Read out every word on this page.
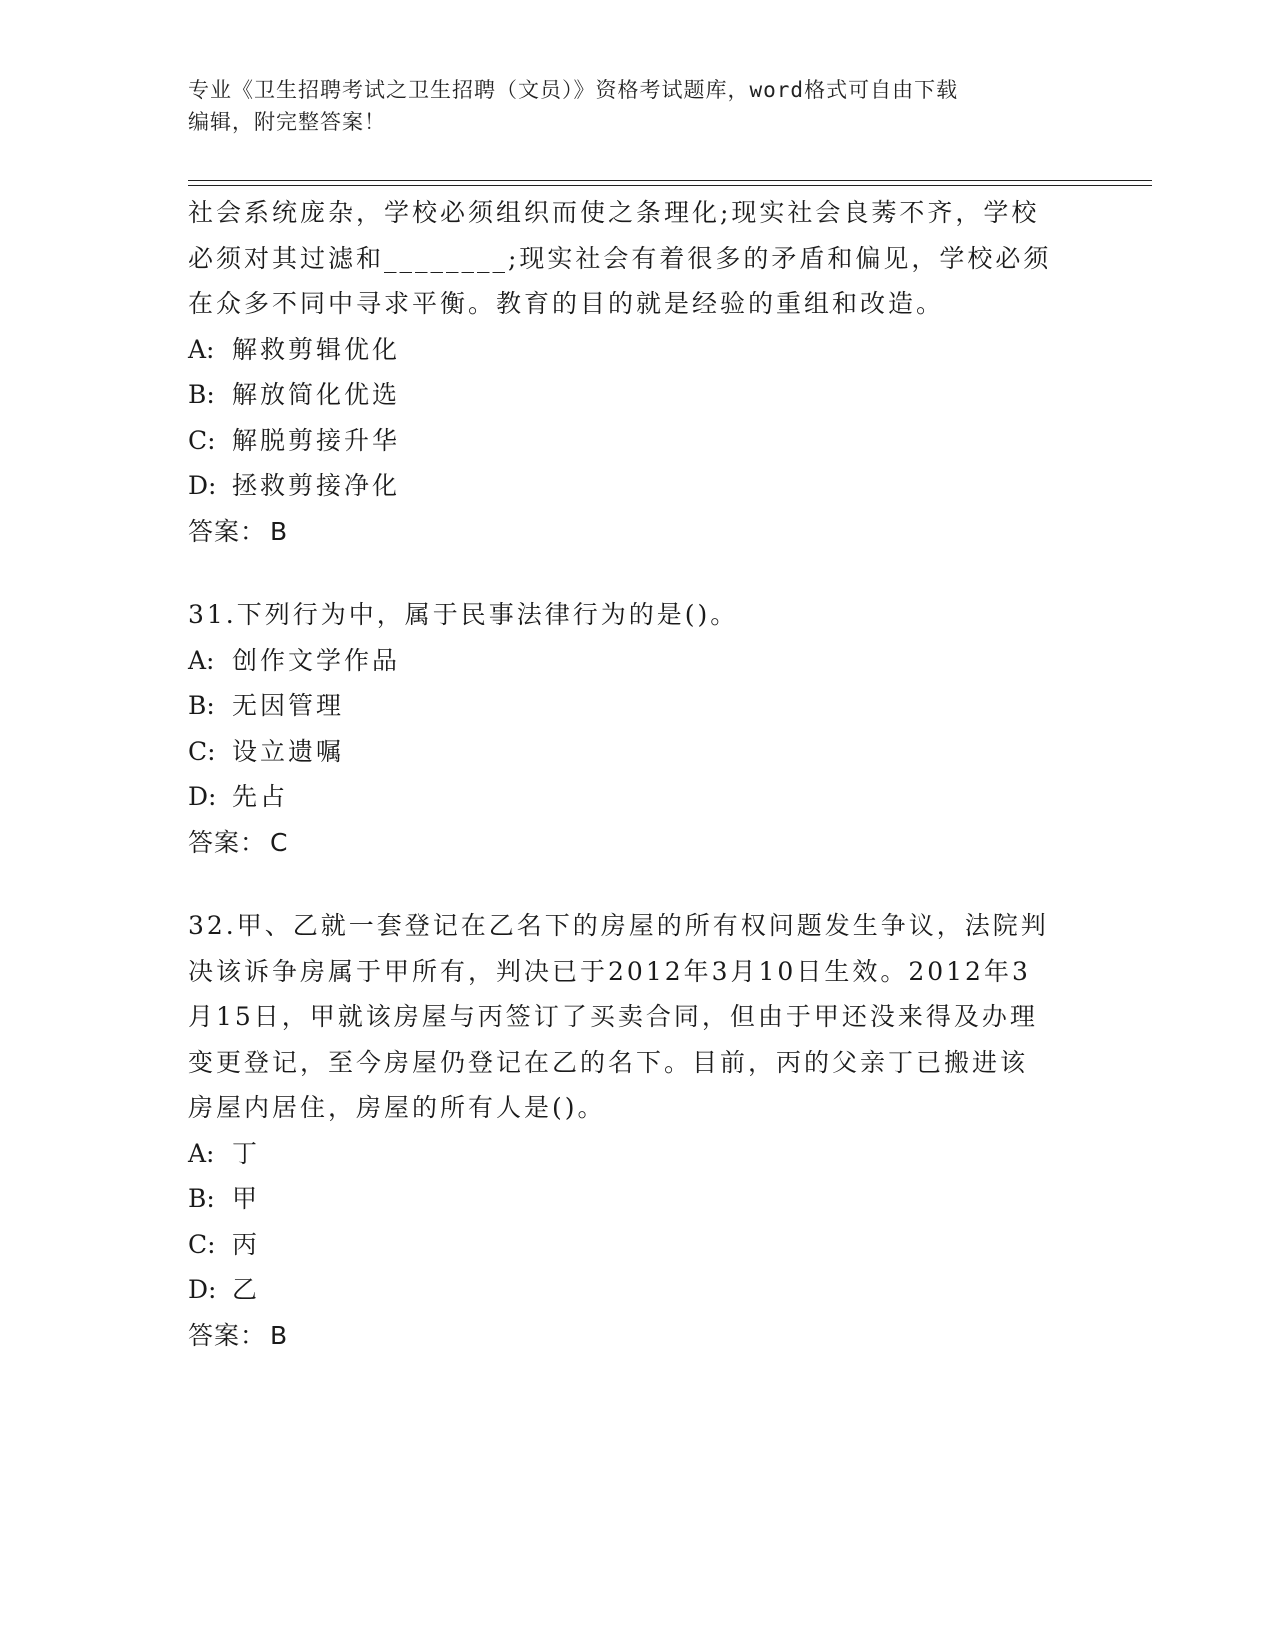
专业《卫生招聘考试之卫生招聘（文员）》资格考试题库，word格式可自由下载
编辑，附完整答案！

社会系统庞杂，学校必须组织而使之条理化;现实社会良莠不齐，学校

必须对其过滤和________;现实社会有着很多的矛盾和偏见，学校必须

在众多不同中寻求平衡。教育的目的就是经验的重组和改造。

A: 解救剪辑优化
B: 解放简化优选
C: 解脱剪接升华
D: 拯救剪接净化

答案： B

31.下列行为中，属于民事法律行为的是()。

A: 创作文学作品
B: 无因管理
C: 设立遗嘱
D: 先占

答案： C

32.甲、乙就一套登记在乙名下的房屋的所有权问题发生争议，法院判

决该诉争房属于甲所有，判决已于2012年3月10日生效。2012年3

月15日，甲就该房屋与丙签订了买卖合同，但由于甲还没来得及办理

变更登记，至今房屋仍登记在乙的名下。目前，丙的父亲丁已搬进该

房屋内居住，房屋的所有人是()。

A: 丁
B: 甲
C: 丙
D: 乙

答案： B
